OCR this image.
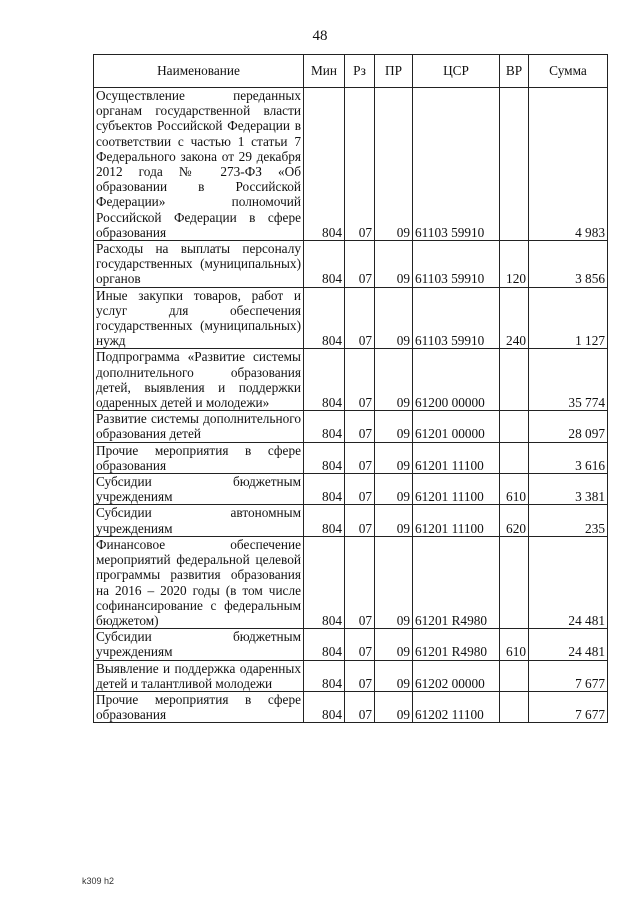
48
Наименование	Мин	Рз	ПР	ЦСР	ВР	Сумма
Осуществление переданных органам государственной власти субъектов Российской Федерации в соответствии с частью 1 статьи 7 Федерального закона от 29 декабря 2012 года № 273-ФЗ «Об образовании в Российской Федерации» полномочий Российской Федерации в сфере образования	804	07	09	61103 59910		4 983
Расходы на выплаты персоналу государственных (муниципальных) органов	804	07	09	61103 59910	120	3 856
Иные закупки товаров, работ и услуг для обеспечения государственных (муниципальных) нужд	804	07	09	61103 59910	240	1 127
Подпрограмма «Развитие системы дополнительного образования детей, выявления и поддержки одаренных детей и молодежи»	804	07	09	61200 00000		35 774
Развитие системы дополнительного образования детей	804	07	09	61201 00000		28 097
Прочие мероприятия в сфере образования	804	07	09	61201 11100		3 616
Субсидии бюджетным учреждениям	804	07	09	61201 11100	610	3 381
Субсидии автономным учреждениям	804	07	09	61201 11100	620	235
Финансовое обеспечение мероприятий федеральной целевой программы развития образования на 2016 – 2020 годы (в том числе софинансирование с федеральным бюджетом)	804	07	09	61201 R4980		24 481
Субсидии бюджетным учреждениям	804	07	09	61201 R4980	610	24 481
Выявление и поддержка одаренных детей и талантливой молодежи	804	07	09	61202 00000		7 677
Прочие мероприятия в сфере образования	804	07	09	61202 11100		7 677
k309 h2
